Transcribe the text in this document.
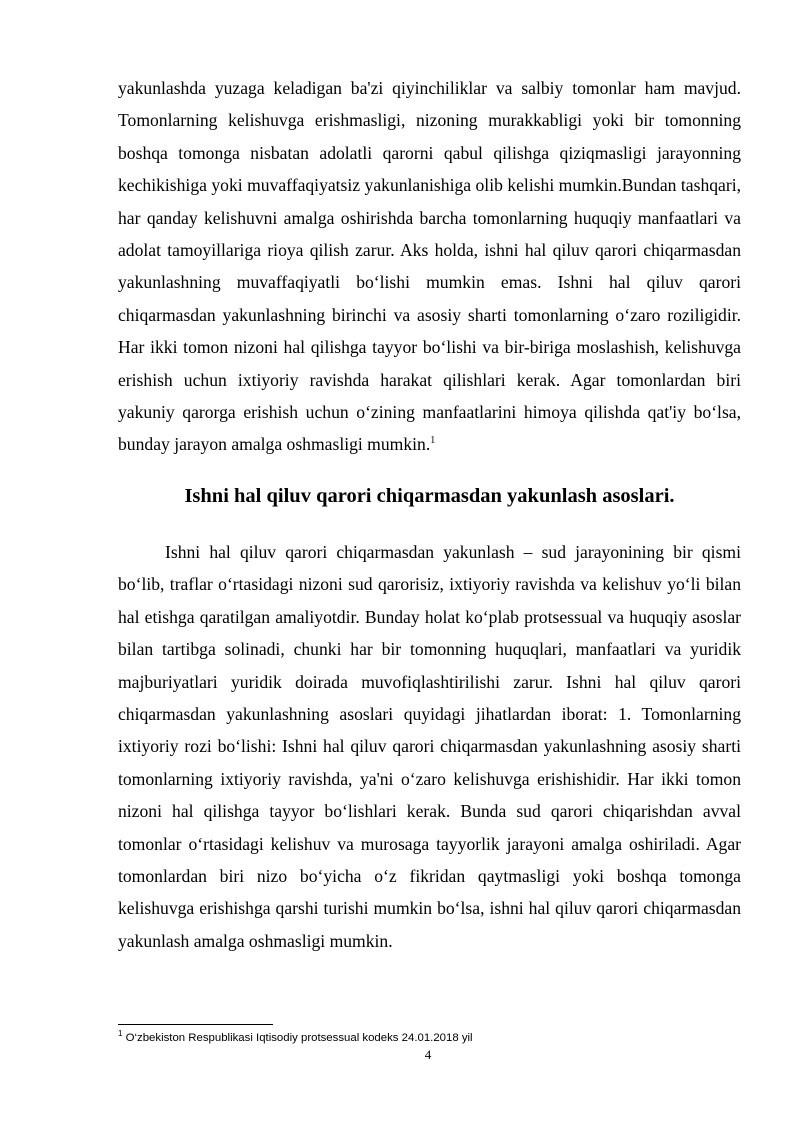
yakunlashda yuzaga keladigan ba'zi qiyinchiliklar va salbiy tomonlar ham mavjud. Tomonlarning kelishuvga erishmasligi, nizoning murakkabligi yoki bir tomonning boshqa tomonga nisbatan adolatli qarorni qabul qilishga qiziqmasligi jarayonning kechikishiga yoki muvaffaqiyatsiz yakunlanishiga olib kelishi mumkin.Bundan tashqari, har qanday kelishuvni amalga oshirishda barcha tomonlarning huquqiy manfaatlari va adolat tamoyillariga rioya qilish zarur. Aks holda, ishni hal qiluv qarori chiqarmasdan yakunlashning muvaffaqiyatli bo‘lishi mumkin emas. Ishni hal qiluv qarori chiqarmasdan yakunlashning birinchi va asosiy sharti tomonlarning o‘zaro roziligidir. Har ikki tomon nizoni hal qilishga tayyor bo‘lishi va bir-biriga moslashish, kelishuvga erishish uchun ixtiyoriy ravishda harakat qilishlari kerak. Agar tomonlardan biri yakuniy qarorga erishish uchun o‘zining manfaatlarini himoya qilishda qat'iy bo‘lsa, bunday jarayon amalga oshmasligi mumkin.$^1$

Ishni hal qiluv qarori chiqarmasdan yakunlash asoslari.

Ishni hal qiluv qarori chiqarmasdan yakunlash – sud jarayonining bir qismi bo‘lib, traflar o‘rtasidagi nizoni sud qarorisiz, ixtiyoriy ravishda va kelishuv yo‘li bilan hal etishga qaratilgan amaliyotdir. Bunday holat ko‘plab protsessual va huquqiy asoslar bilan tartibga solinadi, chunki har bir tomonning huquqlari, manfaatlari va yuridik majburiyatlari yuridik doirada muvofiqlashtirilishi zarur. Ishni hal qiluv qarori chiqarmasdan yakunlashning asoslari quyidagi jihatlardan iborat: 1. Tomonlarning ixtiyoriy rozi bo‘lishi: Ishni hal qiluv qarori chiqarmasdan yakunlashning asosiy sharti tomonlarning ixtiyoriy ravishda, ya'ni o‘zaro kelishuvga erishishidir. Har ikki tomon nizoni hal qilishga tayyor bo‘lishlari kerak. Bunda sud qarori chiqarishdan avval tomonlar o‘rtasidagi kelishuv va murosaga tayyorlik jarayoni amalga oshiriladi. Agar tomonlardan biri nizo bo‘yicha o‘z fikridan qaytmasligi yoki boshqa tomonga kelishuvga erishishga qarshi turishi mumkin bo‘lsa, ishni hal qiluv qarori chiqarmasdan yakunlash amalga oshmasligi mumkin.

$^1$ O‘zbekiston Respublikasi Iqtisodiy protsessual kodeks 24.01.2018 yil

4
